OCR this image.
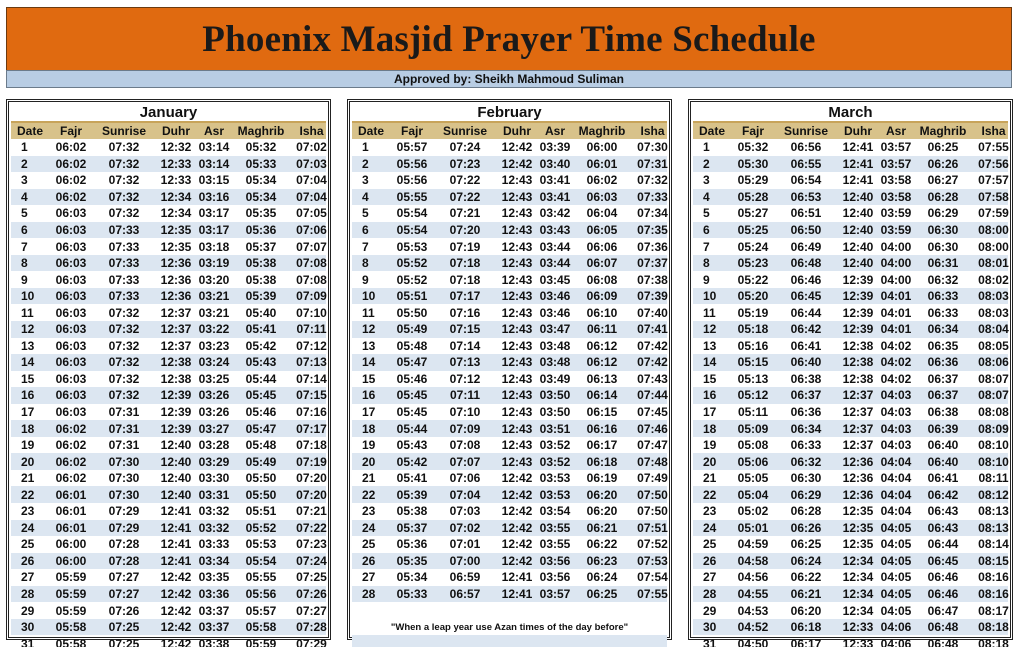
Phoenix Masjid Prayer Time Schedule
Approved by: Sheikh Mahmoud Suliman
January
Date	Fajr	Sunrise	Duhr	Asr	Maghrib	Isha
1	06:02	07:32	12:32 03:14	05:32	07:02
2	06:02	07:32	12:33 03:14	05:33	07:03
3	06:02	07:32	12:33 03:15	05:34	07:04
4	06:02	07:32	12:34 03:16	05:34	07:04
5	06:03	07:32	12:34 03:17	05:35	07:05
6	06:03	07:33	12:35 03:17	05:36	07:06
7	06:03	07:33	12:35 03:18	05:37	07:07
8	06:03	07:33	12:36 03:19	05:38	07:08
9	06:03	07:33	12:36 03:20	05:38	07:08
10	06:03	07:33	12:36 03:21	05:39	07:09
11	06:03	07:32	12:37 03:21	05:40	07:10
12	06:03	07:32	12:37 03:22	05:41	07:11
13	06:03	07:32	12:37 03:23	05:42	07:12
14	06:03	07:32	12:38 03:24	05:43	07:13
15	06:03	07:32	12:38 03:25	05:44	07:14
16	06:03	07:32	12:39 03:26	05:45	07:15
17	06:03	07:31	12:39 03:26	05:46	07:16
18	06:02	07:31	12:39 03:27	05:47	07:17
19	06:02	07:31	12:40 03:28	05:48	07:18
20	06:02	07:30	12:40 03:29	05:49	07:19
21	06:02	07:30	12:40 03:30	05:50	07:20
22	06:01	07:30	12:40 03:31	05:50	07:20
23	06:01	07:29	12:41 03:32	05:51	07:21
24	06:01	07:29	12:41 03:32	05:52	07:22
25	06:00	07:28	12:41 03:33	05:53	07:23
26	06:00	07:28	12:41 03:34	05:54	07:24
27	05:59	07:27	12:42 03:35	05:55	07:25
28	05:59	07:27	12:42 03:36	05:56	07:26
29	05:59	07:26	12:42 03:37	05:57	07:27
30	05:58	07:25	12:42 03:37	05:58	07:28
31	05:58	07:25	12:42 03:38	05:59	07:29
February
Date	Fajr	Sunrise	Duhr	Asr	Maghrib	Isha
1	05:57	07:24	12:42 03:39	06:00	07:30
2	05:56	07:23	12:42 03:40	06:01	07:31
3	05:56	07:22	12:43 03:41	06:02	07:32
4	05:55	07:22	12:43 03:41	06:03	07:33
5	05:54	07:21	12:43 03:42	06:04	07:34
6	05:54	07:20	12:43 03:43	06:05	07:35
7	05:53	07:19	12:43 03:44	06:06	07:36
8	05:52	07:18	12:43 03:44	06:07	07:37
9	05:52	07:18	12:43 03:45	06:08	07:38
10	05:51	07:17	12:43 03:46	06:09	07:39
11	05:50	07:16	12:43 03:46	06:10	07:40
12	05:49	07:15	12:43 03:47	06:11	07:41
13	05:48	07:14	12:43 03:48	06:12	07:42
14	05:47	07:13	12:43 03:48	06:12	07:42
15	05:46	07:12	12:43 03:49	06:13	07:43
16	05:45	07:11	12:43 03:50	06:14	07:44
17	05:45	07:10	12:43 03:50	06:15	07:45
18	05:44	07:09	12:43 03:51	06:16	07:46
19	05:43	07:08	12:43 03:52	06:17	07:47
20	05:42	07:07	12:43 03:52	06:18	07:48
21	05:41	07:06	12:42 03:53	06:19	07:49
22	05:39	07:04	12:42 03:53	06:20	07:50
23	05:38	07:03	12:42 03:54	06:20	07:50
24	05:37	07:02	12:42 03:55	06:21	07:51
25	05:36	07:01	12:42 03:55	06:22	07:52
26	05:35	07:00	12:42 03:56	06:23	07:53
27	05:34	06:59	12:41 03:56	06:24	07:54
28	05:33	06:57	12:41 03:57	06:25	07:55
"When a leap year use Azan times of the day before"
March
Date	Fajr	Sunrise	Duhr	Asr	Maghrib	Isha
1	05:32	06:56	12:41 03:57	06:25	07:55
2	05:30	06:55	12:41 03:57	06:26	07:56
3	05:29	06:54	12:41 03:58	06:27	07:57
4	05:28	06:53	12:40 03:58	06:28	07:58
5	05:27	06:51	12:40 03:59	06:29	07:59
6	05:25	06:50	12:40 03:59	06:30	08:00
7	05:24	06:49	12:40 04:00	06:30	08:00
8	05:23	06:48	12:40 04:00	06:31	08:01
9	05:22	06:46	12:39 04:00	06:32	08:02
10	05:20	06:45	12:39 04:01	06:33	08:03
11	05:19	06:44	12:39 04:01	06:33	08:03
12	05:18	06:42	12:39 04:01	06:34	08:04
13	05:16	06:41	12:38 04:02	06:35	08:05
14	05:15	06:40	12:38 04:02	06:36	08:06
15	05:13	06:38	12:38 04:02	06:37	08:07
16	05:12	06:37	12:37 04:03	06:37	08:07
17	05:11	06:36	12:37 04:03	06:38	08:08
18	05:09	06:34	12:37 04:03	06:39	08:09
19	05:08	06:33	12:37 04:03	06:40	08:10
20	05:06	06:32	12:36 04:04	06:40	08:10
21	05:05	06:30	12:36 04:04	06:41	08:11
22	05:04	06:29	12:36 04:04	06:42	08:12
23	05:02	06:28	12:35 04:04	06:43	08:13
24	05:01	06:26	12:35 04:05	06:43	08:13
25	04:59	06:25	12:35 04:05	06:44	08:14
26	04:58	06:24	12:34 04:05	06:45	08:15
27	04:56	06:22	12:34 04:05	06:46	08:16
28	04:55	06:21	12:34 04:05	06:46	08:16
29	04:53	06:20	12:34 04:05	06:47	08:17
30	04:52	06:18	12:33 04:06	06:48	08:18
31	04:50	06:17	12:33 04:06	06:48	08:18
